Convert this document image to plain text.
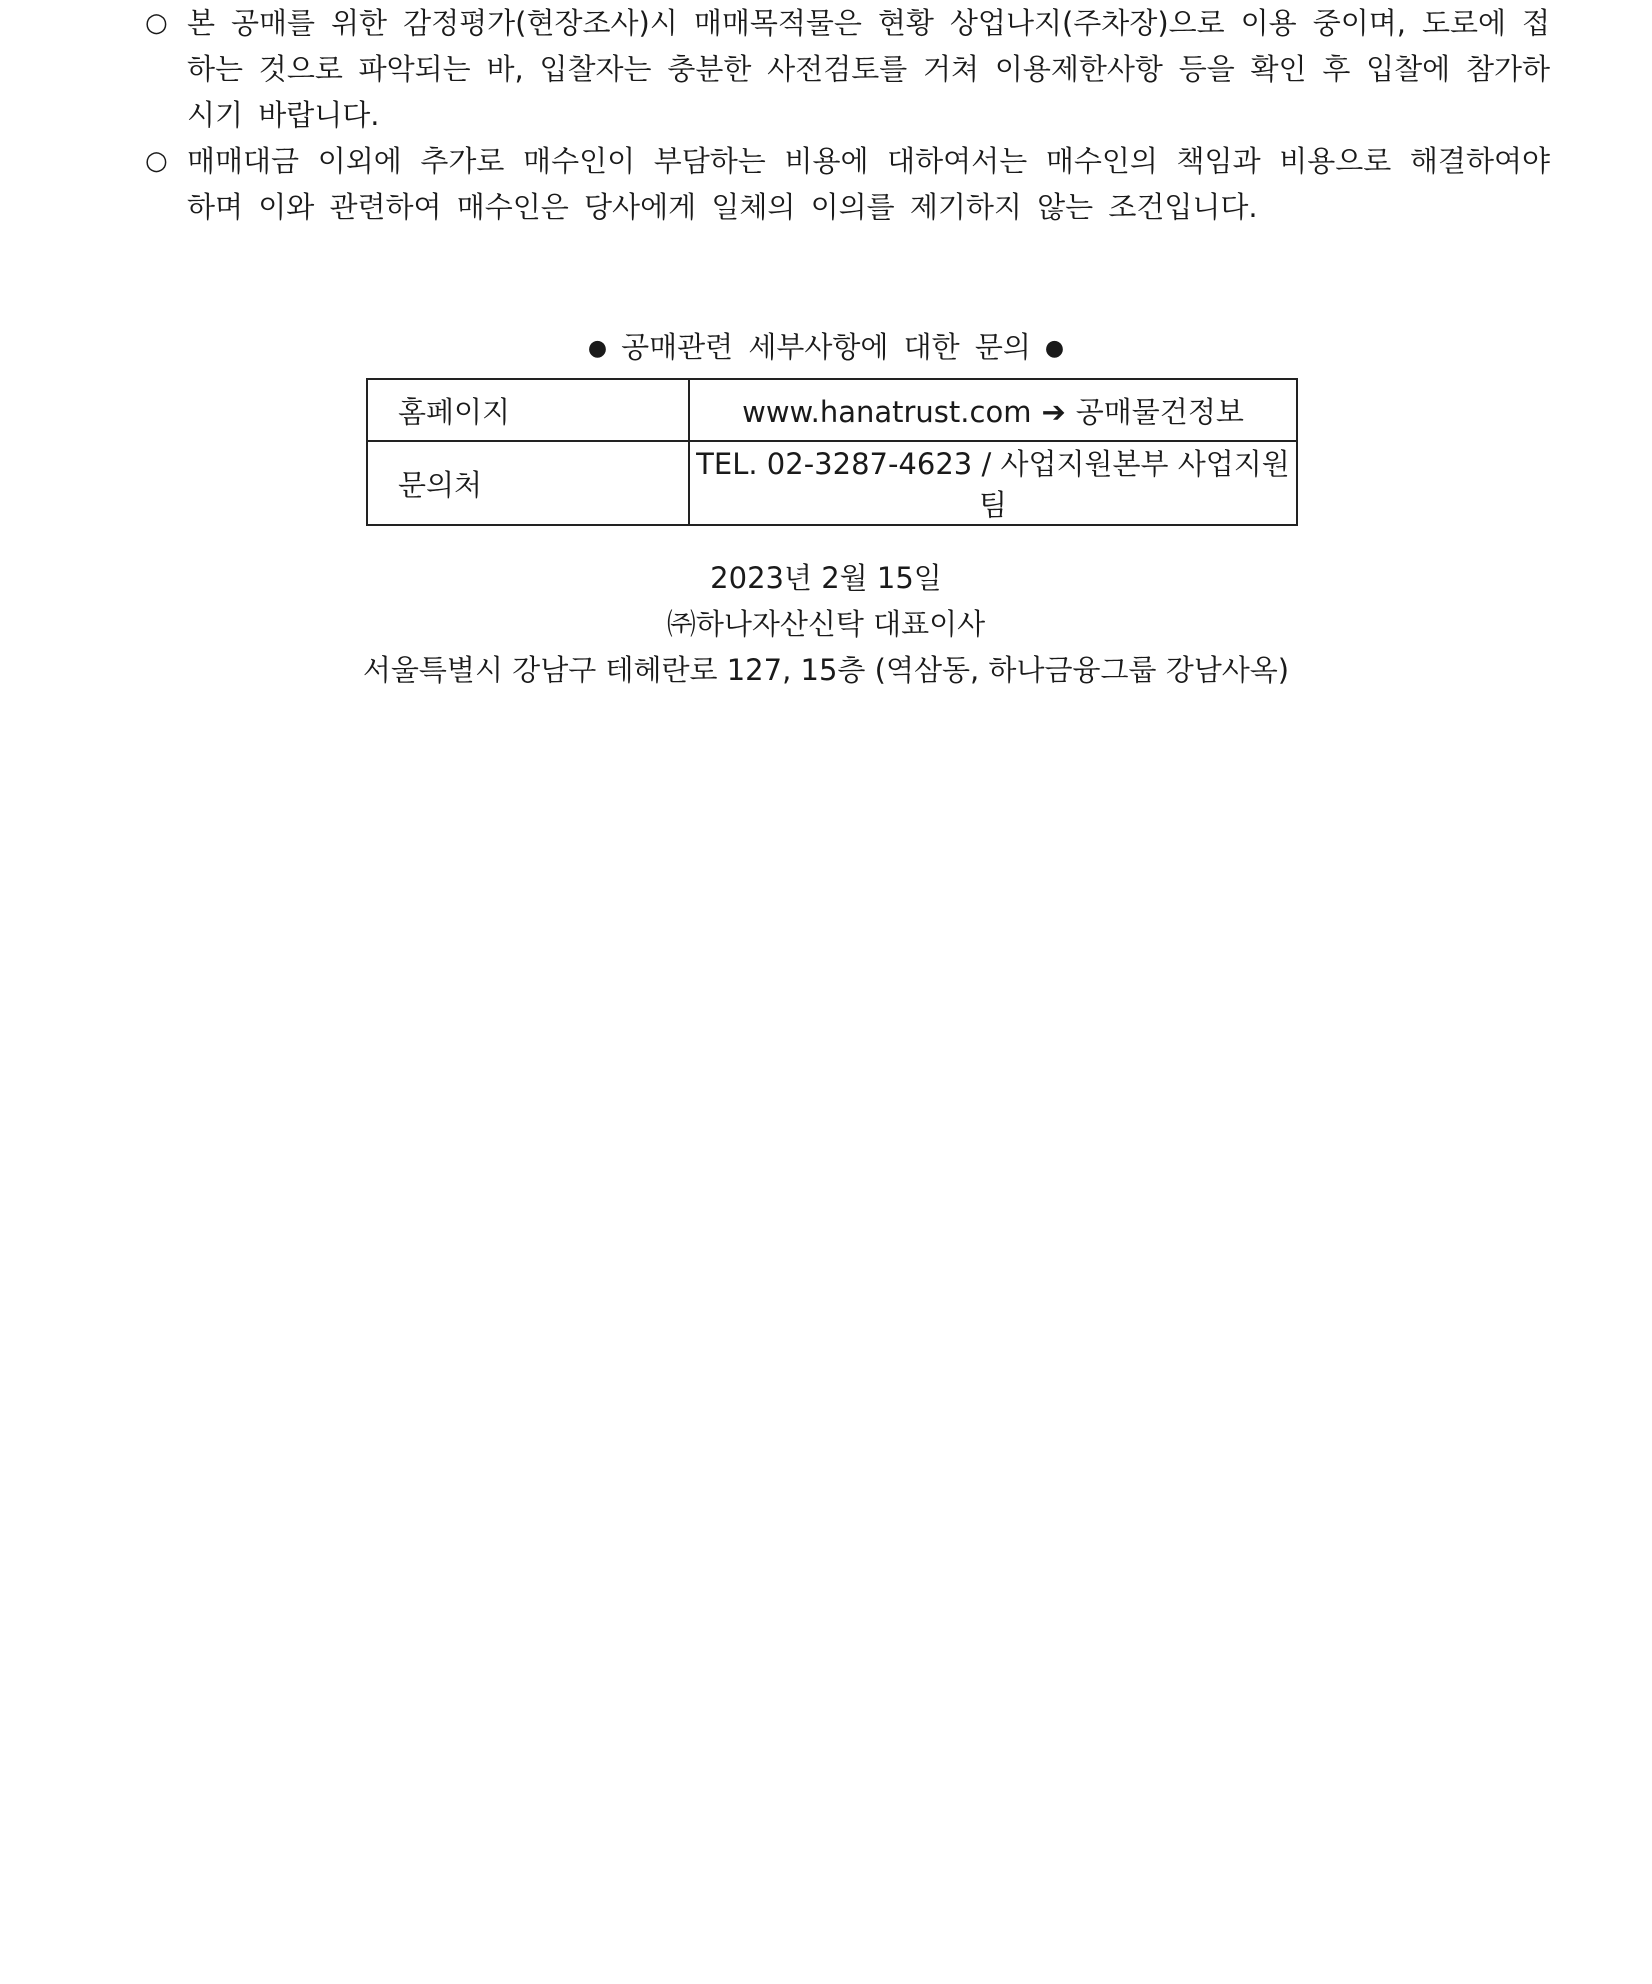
○ 본 공매를 위한 감정평가(현장조사)시 매매목적물은 현황 상업나지(주차장)으로 이용 중이며, 도로에 접하는 것으로 파악되는 바, 입찰자는 충분한 사전검토를 거쳐 이용제한사항 등을 확인 후 입찰에 참가하시기 바랍니다.
○ 매매대금 이외에 추가로 매수인이 부담하는 비용에 대하여서는 매수인의 책임과 비용으로 해결하여야 하며 이와 관련하여 매수인은 당사에게 일체의 이의를 제기하지 않는 조건입니다.
● 공매관련 세부사항에 대한 문의 ●
홈페이지	www.hanatrust.com ➔ 공매물건정보
문의처	TEL. 02-3287-4623 / 사업지원본부 사업지원팀
2023년 2월 15일
㈜하나자산신탁 대표이사
서울특별시 강남구 테헤란로 127, 15층 (역삼동, 하나금융그룹 강남사옥)
